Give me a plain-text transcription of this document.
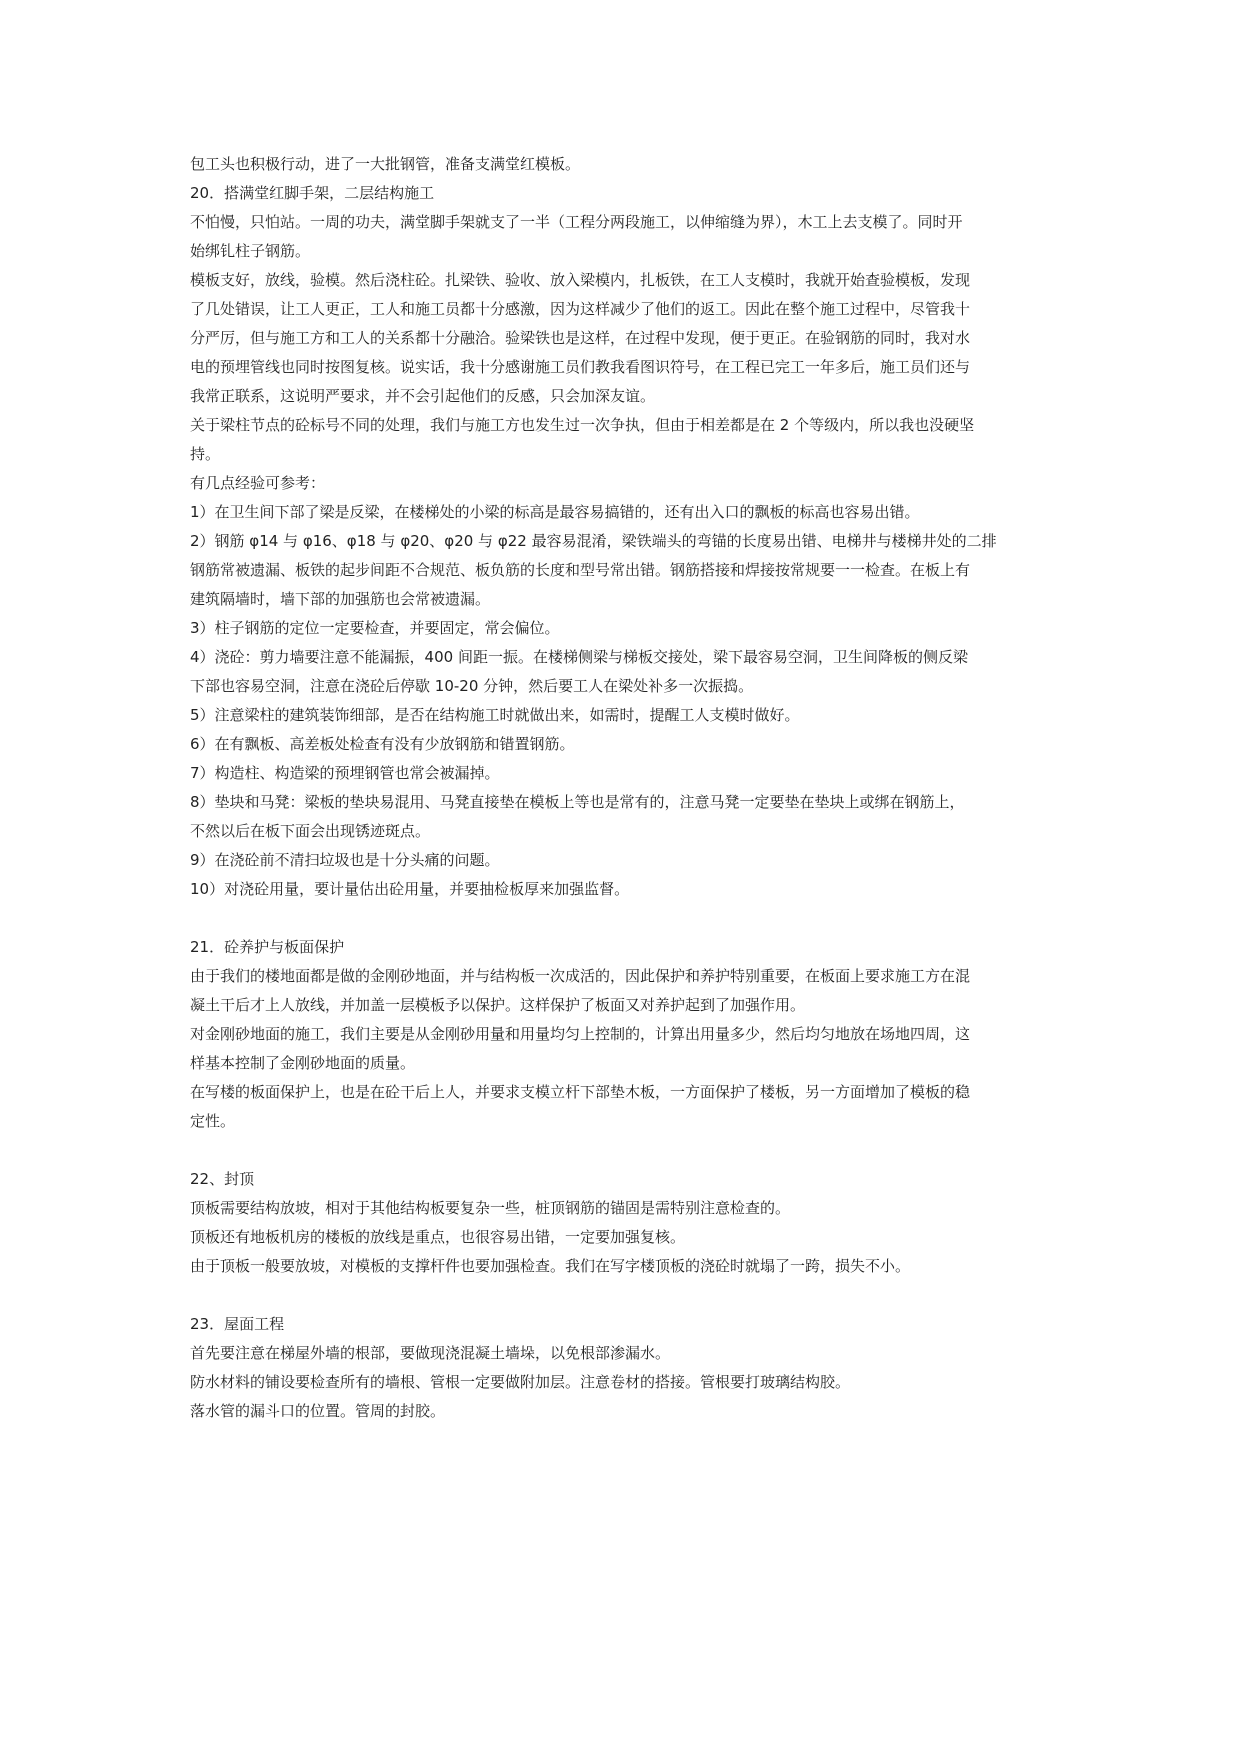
包工头也积极行动，进了一大批钢管，准备支满堂红模板。

20．搭满堂红脚手架，二层结构施工

不怕慢，只怕站。一周的功夫，满堂脚手架就支了一半（工程分两段施工，以伸缩缝为界），木工上去支模了。同时开

始绑钆柱子钢筋。

模板支好，放线，验模。然后浇柱砼。扎梁铁、验收、放入梁模内，扎板铁，在工人支模时，我就开始查验模板，发现

了几处错误，让工人更正，工人和施工员都十分感激，因为这样减少了他们的返工。因此在整个施工过程中，尽管我十

分严厉，但与施工方和工人的关系都十分融洽。验梁铁也是这样，在过程中发现，便于更正。在验钢筋的同时，我对水

电的预埋管线也同时按图复核。说实话，我十分感谢施工员们教我看图识符号，在工程已完工一年多后，施工员们还与

我常正联系，这说明严要求，并不会引起他们的反感，只会加深友谊。

关于梁柱节点的砼标号不同的处理，我们与施工方也发生过一次争执，但由于相差都是在 2 个等级内，所以我也没硬坚

持。

有几点经验可参考：

1）在卫生间下部了梁是反梁，在楼梯处的小梁的标高是最容易搞错的，还有出入口的飘板的标高也容易出错。

2）钢筋 φ14 与 φ16、φ18 与 φ20、φ20 与 φ22 最容易混淆，梁铁端头的弯锚的长度易出错、电梯井与楼梯井处的二排

钢筋常被遗漏、板铁的起步间距不合规范、板负筋的长度和型号常出错。钢筋搭接和焊接按常规要一一检查。在板上有

建筑隔墙时，墙下部的加强筋也会常被遗漏。

3）柱子钢筋的定位一定要检查，并要固定，常会偏位。

4）浇砼：剪力墙要注意不能漏振，400 间距一振。在楼梯侧梁与梯板交接处，梁下最容易空洞，卫生间降板的侧反梁

下部也容易空洞，注意在浇砼后停歇 10-20 分钟，然后要工人在梁处补多一次振捣。

5）注意梁柱的建筑装饰细部，是否在结构施工时就做出来，如需时，提醒工人支模时做好。

6）在有飘板、高差板处检查有没有少放钢筋和错置钢筋。

7）构造柱、构造梁的预埋钢管也常会被漏掉。

8）垫块和马凳：梁板的垫块易混用、马凳直接垫在模板上等也是常有的，注意马凳一定要垫在垫块上或绑在钢筋上，

不然以后在板下面会出现锈迹斑点。

9）在浇砼前不清扫垃圾也是十分头痛的问题。

10）对浇砼用量，要计量估出砼用量，并要抽检板厚来加强监督。

21．砼养护与板面保护

由于我们的楼地面都是做的金刚砂地面，并与结构板一次成活的，因此保护和养护特别重要，在板面上要求施工方在混

凝土干后才上人放线，并加盖一层模板予以保护。这样保护了板面又对养护起到了加强作用。

对金刚砂地面的施工，我们主要是从金刚砂用量和用量均匀上控制的，计算出用量多少，然后均匀地放在场地四周，这

样基本控制了金刚砂地面的质量。

在写楼的板面保护上，也是在砼干后上人，并要求支模立杆下部垫木板，一方面保护了楼板，另一方面增加了模板的稳

定性。

22、封顶

顶板需要结构放坡，相对于其他结构板要复杂一些，桩顶钢筋的锚固是需特别注意检查的。

顶板还有地板机房的楼板的放线是重点，也很容易出错，一定要加强复核。

由于顶板一般要放坡，对模板的支撑杆件也要加强检查。我们在写字楼顶板的浇砼时就塌了一跨，损失不小。

23．屋面工程

首先要注意在梯屋外墙的根部，要做现浇混凝土墙垛，以免根部渗漏水。

防水材料的铺设要检查所有的墙根、管根一定要做附加层。注意卷材的搭接。管根要打玻璃结构胶。

落水管的漏斗口的位置。管周的封胶。
